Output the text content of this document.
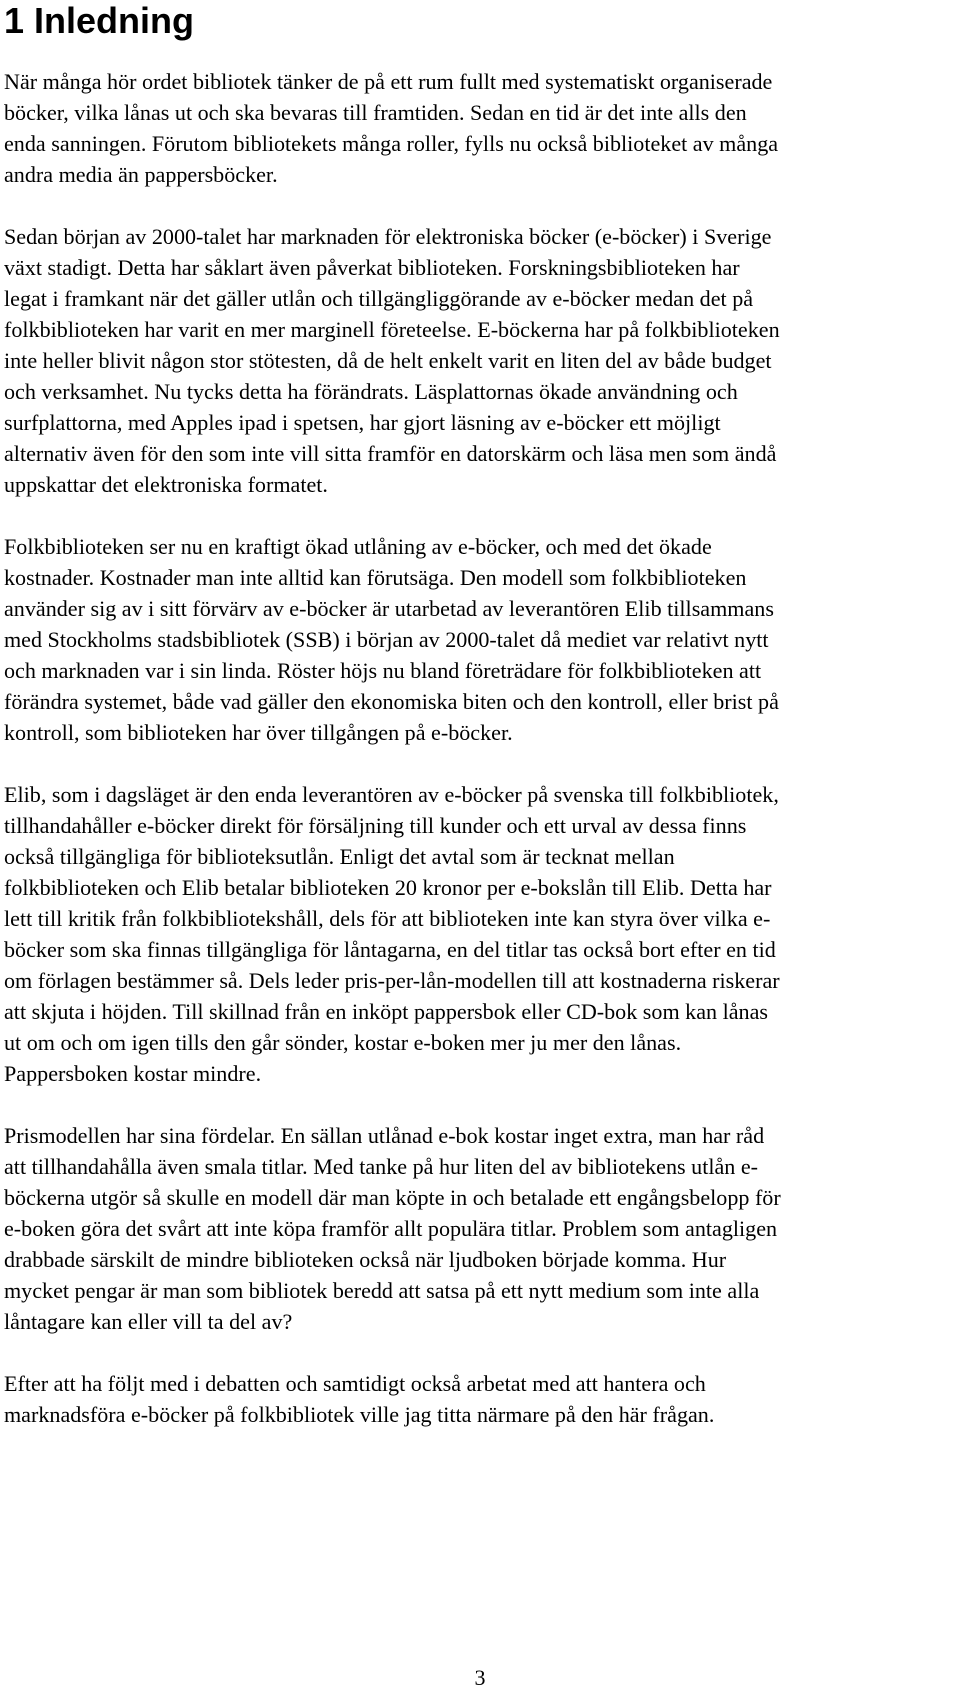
1 Inledning

När många hör ordet bibliotek tänker de på ett rum fullt med systematiskt organiserade
böcker, vilka lånas ut och ska bevaras till framtiden. Sedan en tid är det inte alls den
enda sanningen. Förutom bibliotekets många roller, fylls nu också biblioteket av många
andra media än pappersböcker.

Sedan början av 2000-talet har marknaden för elektroniska böcker (e-böcker) i Sverige
växt stadigt. Detta har såklart även påverkat biblioteken. Forskningsbiblioteken har
legat i framkant när det gäller utlån och tillgängliggörande av e-böcker medan det på
folkbiblioteken har varit en mer marginell företeelse. E-böckerna har på folkbiblioteken
inte heller blivit någon stor stötesten, då de helt enkelt varit en liten del av både budget
och verksamhet. Nu tycks detta ha förändrats. Läsplattornas ökade användning och
surfplattorna, med Apples ipad i spetsen, har gjort läsning av e-böcker ett möjligt
alternativ även för den som inte vill sitta framför en datorskärm och läsa men som ändå
uppskattar det elektroniska formatet.

Folkbiblioteken ser nu en kraftigt ökad utlåning av e-böcker, och med det ökade
kostnader. Kostnader man inte alltid kan förutsäga. Den modell som folkbiblioteken
använder sig av i sitt förvärv av e-böcker är utarbetad av leverantören Elib tillsammans
med Stockholms stadsbibliotek (SSB) i början av 2000-talet då mediet var relativt nytt
och marknaden var i sin linda. Röster höjs nu bland företrädare för folkbiblioteken att
förändra systemet, både vad gäller den ekonomiska biten och den kontroll, eller brist på
kontroll, som biblioteken har över tillgången på e-böcker.

Elib, som i dagsläget är den enda leverantören av e-böcker på svenska till folkbibliotek,
tillhandahåller e-böcker direkt för försäljning till kunder och ett urval av dessa finns
också tillgängliga för biblioteksutlån. Enligt det avtal som är tecknat mellan
folkbiblioteken och Elib betalar biblioteken 20 kronor per e-bokslån till Elib. Detta har
lett till kritik från folkbibliotekshåll, dels för att biblioteken inte kan styra över vilka e-
böcker som ska finnas tillgängliga för låntagarna, en del titlar tas också bort efter en tid
om förlagen bestämmer så. Dels leder pris-per-lån-modellen till att kostnaderna riskerar
att skjuta i höjden. Till skillnad från en inköpt pappersbok eller CD-bok som kan lånas
ut om och om igen tills den går sönder, kostar e-boken mer ju mer den lånas.
Pappersboken kostar mindre.

Prismodellen har sina fördelar. En sällan utlånad e-bok kostar inget extra, man har råd
att tillhandahålla även smala titlar. Med tanke på hur liten del av bibliotekens utlån e-
böckerna utgör så skulle en modell där man köpte in och betalade ett engångsbelopp för
e-boken göra det svårt att inte köpa framför allt populära titlar. Problem som antagligen
drabbade särskilt de mindre biblioteken också när ljudboken började komma. Hur
mycket pengar är man som bibliotek beredd att satsa på ett nytt medium som inte alla
låntagare kan eller vill ta del av?

Efter att ha följt med i debatten och samtidigt också arbetat med att hantera och
marknadsföra e-böcker på folkbibliotek ville jag titta närmare på den här frågan.

3
